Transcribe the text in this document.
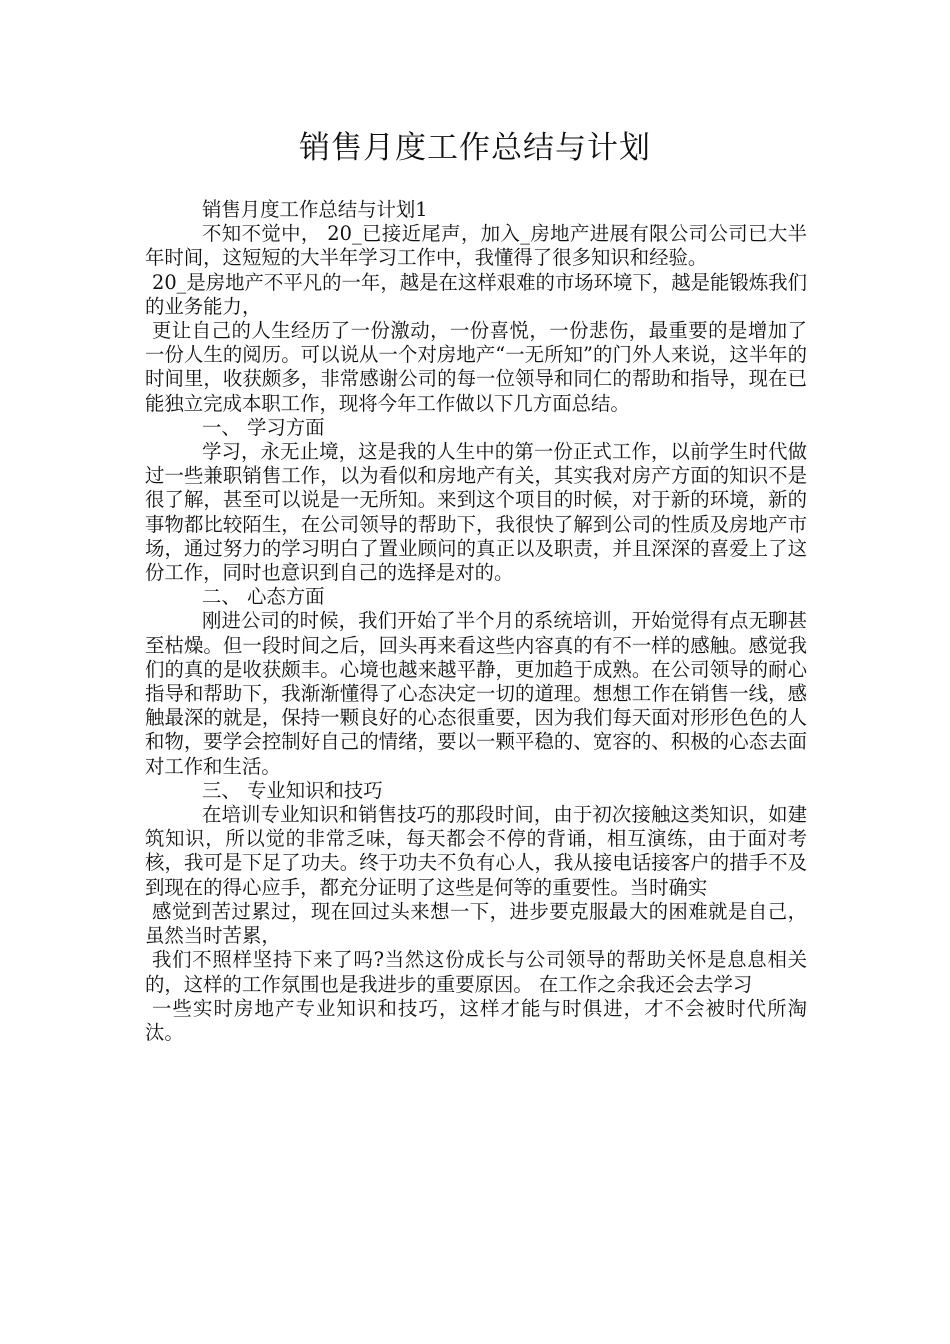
销售月度工作总结与计划

销售月度工作总结与计划1

不知不觉中， 20_已接近尾声，加入_房地产进展有限公司公司已大半年时间，这短短的大半年学习工作中，我懂得了很多知识和经验。

20_是房地产不平凡的一年，越是在这样艰难的市场环境下，越是能锻炼我们的业务能力，

更让自己的人生经历了一份激动，一份喜悦，一份悲伤，最重要的是增加了一份人生的阅历。可以说从一个对房地产“一无所知”的门外人来说，这半年的时间里，收获颇多，非常感谢公司的每一位领导和同仁的帮助和指导，现在已能独立完成本职工作，现将今年工作做以下几方面总结。

一、 学习方面

学习，永无止境，这是我的人生中的第一份正式工作，以前学生时代做过一些兼职销售工作，以为看似和房地产有关，其实我对房产方面的知识不是很了解，甚至可以说是一无所知。来到这个项目的时候，对于新的环境，新的事物都比较陌生，在公司领导的帮助下，我很快了解到公司的性质及房地产市场，通过努力的学习明白了置业顾问的真正以及职责，并且深深的喜爱上了这份工作，同时也意识到自己的选择是对的。

二、 心态方面

刚进公司的时候，我们开始了半个月的系统培训，开始觉得有点无聊甚至枯燥。但一段时间之后，回头再来看这些内容真的有不一样的感触。感觉我们的真的是收获颇丰。心境也越来越平静，更加趋于成熟。在公司领导的耐心指导和帮助下，我渐渐懂得了心态决定一切的道理。想想工作在销售一线，感触最深的就是，保持一颗良好的心态很重要，因为我们每天面对形形色色的人和物，要学会控制好自己的情绪，要以一颗平稳的、宽容的、积极的心态去面对工作和生活。

三、 专业知识和技巧

在培训专业知识和销售技巧的那段时间，由于初次接触这类知识，如建筑知识，所以觉的非常乏味，每天都会不停的背诵，相互演练，由于面对考核，我可是下足了功夫。终于功夫不负有心人，我从接电话接客户的措手不及到现在的得心应手，都充分证明了这些是何等的重要性。当时确实

感觉到苦过累过，现在回过头来想一下，进步要克服最大的困难就是自己，虽然当时苦累，

我们不照样坚持下来了吗?当然这份成长与公司领导的帮助关怀是息息相关的，这样的工作氛围也是我进步的重要原因。 在工作之余我还会去学习

一些实时房地产专业知识和技巧，这样才能与时俱进，才不会被时代所淘汰。
